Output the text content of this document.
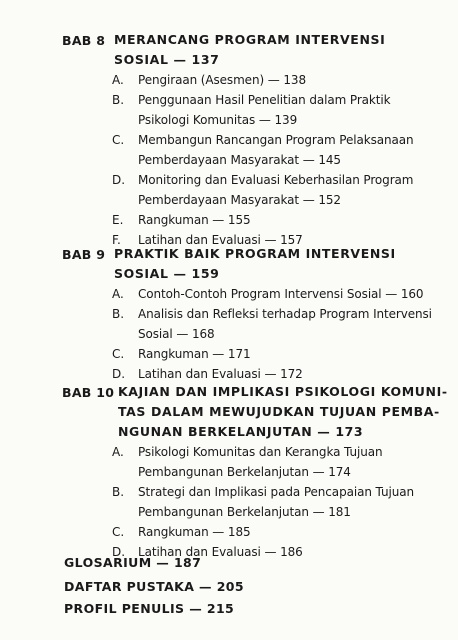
BAB 8 MERANCANG PROGRAM INTERVENSI
SOSIAL — 137
A. Pengiraan (Asesmen) — 138
B. Penggunaan Hasil Penelitian dalam Praktik
Psikologi Komunitas — 139
C. Membangun Rancangan Program Pelaksanaan
Pemberdayaan Masyarakat — 145
D. Monitoring dan Evaluasi Keberhasilan Program
Pemberdayaan Masyarakat — 152
E. Rangkuman — 155
F. Latihan dan Evaluasi — 157
BAB 9 PRAKTIK BAIK PROGRAM INTERVENSI
SOSIAL — 159
A. Contoh-Contoh Program Intervensi Sosial — 160
B. Analisis dan Refleksi terhadap Program Intervensi
Sosial — 168
C. Rangkuman — 171
D. Latihan dan Evaluasi — 172
BAB 10 KAJIAN DAN IMPLIKASI PSIKOLOGI KOMUNI-
TAS DALAM MEWUJUDKAN TUJUAN PEMBA-
NGUNAN BERKELANJUTAN — 173
A. Psikologi Komunitas dan Kerangka Tujuan
Pembangunan Berkelanjutan — 174
B. Strategi dan Implikasi pada Pencapaian Tujuan
Pembangunan Berkelanjutan — 181
C. Rangkuman — 185
D. Latihan dan Evaluasi — 186
GLOSARIUM — 187
DAFTAR PUSTAKA — 205
PROFIL PENULIS — 215
